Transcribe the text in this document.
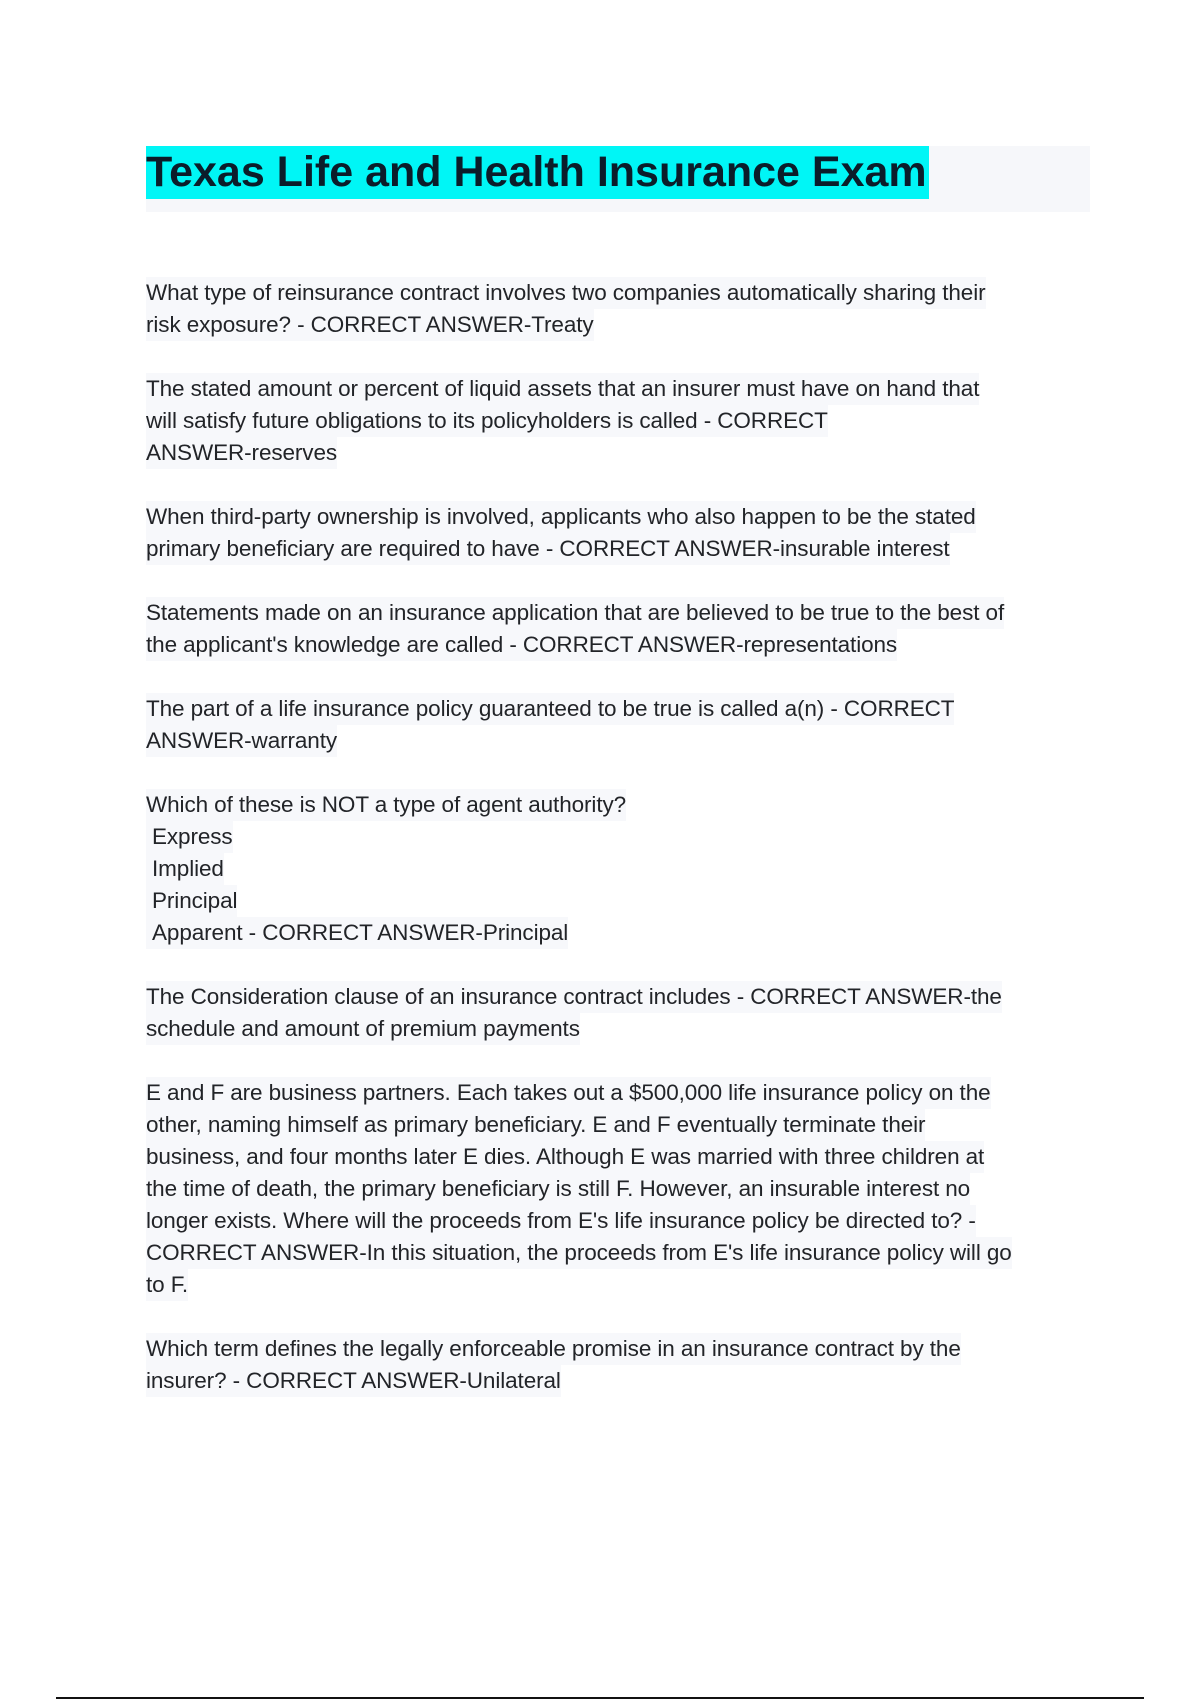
Texas Life and Health Insurance Exam
What type of reinsurance contract involves two companies automatically sharing their
risk exposure? - CORRECT ANSWER-Treaty
The stated amount or percent of liquid assets that an insurer must have on hand that
will satisfy future obligations to its policyholders is called - CORRECT
ANSWER-reserves
When third-party ownership is involved, applicants who also happen to be the stated
primary beneficiary are required to have - CORRECT ANSWER-insurable interest
Statements made on an insurance application that are believed to be true to the best of
the applicant's knowledge are called - CORRECT ANSWER-representations
The part of a life insurance policy guaranteed to be true is called a(n) - CORRECT
ANSWER-warranty
Which of these is NOT a type of agent authority?
Express
Implied
Principal
Apparent - CORRECT ANSWER-Principal
The Consideration clause of an insurance contract includes - CORRECT ANSWER-the
schedule and amount of premium payments
E and F are business partners. Each takes out a $500,000 life insurance policy on the
other, naming himself as primary beneficiary. E and F eventually terminate their
business, and four months later E dies. Although E was married with three children at
the time of death, the primary beneficiary is still F. However, an insurable interest no
longer exists. Where will the proceeds from E's life insurance policy be directed to? -
CORRECT ANSWER-In this situation, the proceeds from E's life insurance policy will go
to F.
Which term defines the legally enforceable promise in an insurance contract by the
insurer? - CORRECT ANSWER-Unilateral
